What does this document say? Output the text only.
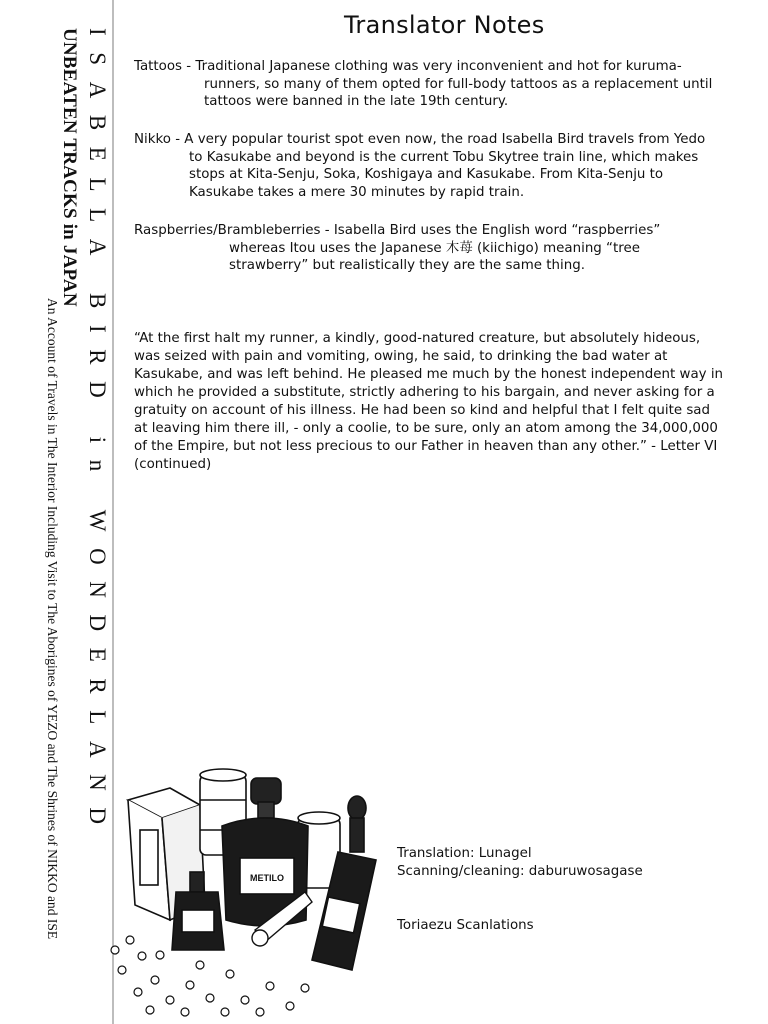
UNBEATEN TRACKS in JAPAN
An Account of Travels in The Interior Including Visit to The Aborigines of YEZO and The Shrines of NIKKO and ISE ISABELLA BIRD in WONDERLAND
Translator Notes
Tattoos - Traditional Japanese clothing was very inconvenient and hot for kuruma-
runners, so many of them opted for full-body tattoos as a replacement until
tattoos were banned in the late 19th century.
Nikko - A very popular tourist spot even now, the road Isabella Bird travels from Yedo
to Kasukabe and beyond is the current Tobu Skytree train line, which makes
stops at Kita-Senju, Soka, Koshigaya and Kasukabe. From Kita-Senju to
Kasukabe takes a mere 30 minutes by rapid train.
Raspberries/Brambleberries - Isabella Bird uses the English word “raspberries”
whereas Itou uses the Japanese 木苺 (kiichigo) meaning “tree
strawberry” but realistically they are the same thing.
“At the first halt my runner, a kindly, good-natured creature, but absolutely hideous,
was seized with pain and vomiting, owing, he said, to drinking the bad water at
Kasukabe, and was left behind. He pleased me much by the honest independent way in
which he provided a substitute, strictly adhering to his bargain, and never asking for a
gratuity on account of his illness. He had been so kind and helpful that I felt quite sad
at leaving him there ill, - only a coolie, to be sure, only an atom among the 34,000,000
of the Empire, but not less precious to our Father in heaven than any other.” - Letter VI
(continued)
METILO
Translation: Lunagel
Scanning/cleaning: daburuwosagase
Toriaezu Scanlations
